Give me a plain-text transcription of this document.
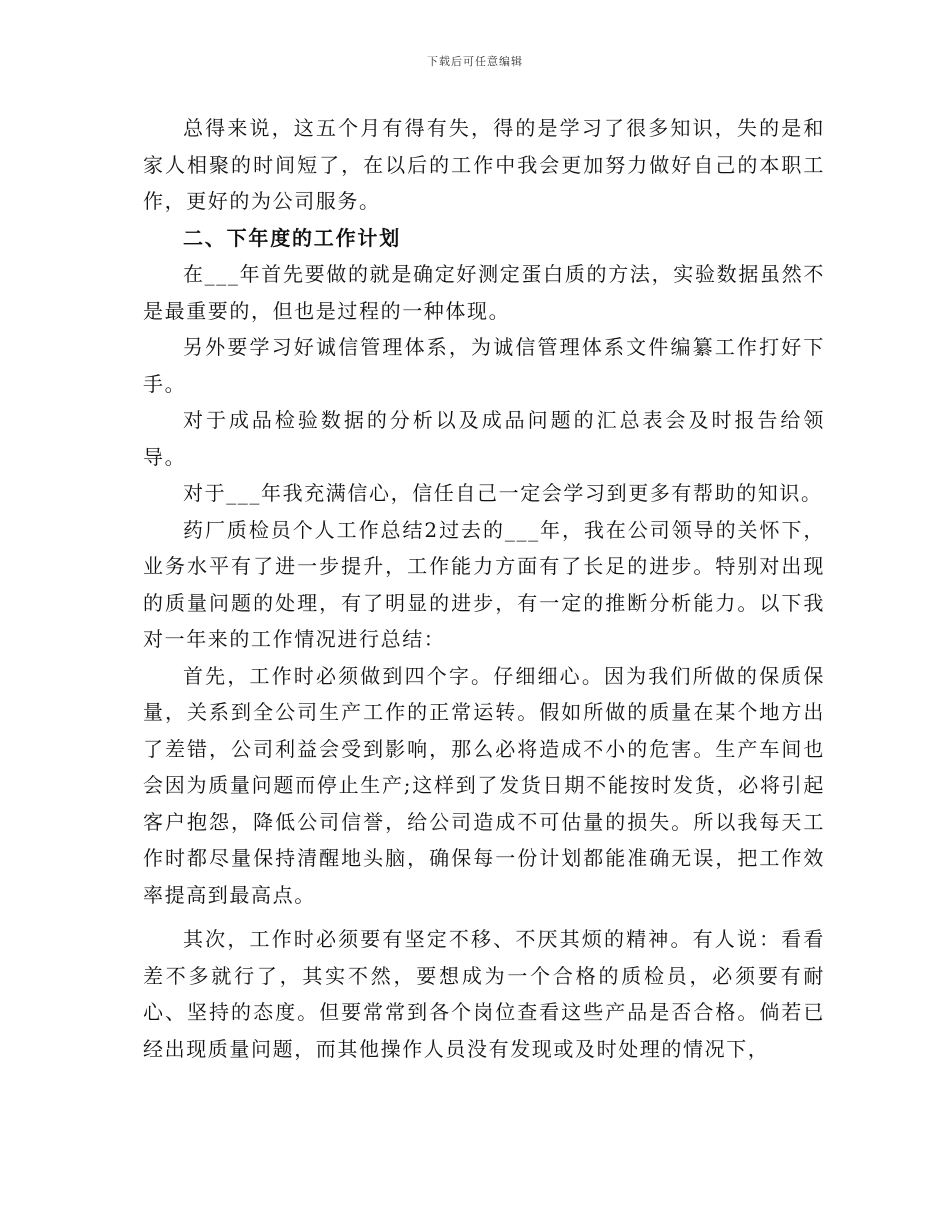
下载后可任意编辑

总得来说，这五个月有得有失，得的是学习了很多知识，失的是和家人相聚的时间短了，在以后的工作中我会更加努力做好自己的本职工作，更好的为公司服务。

二、下年度的工作计划

在___年首先要做的就是确定好测定蛋白质的方法，实验数据虽然不是最重要的，但也是过程的一种体现。

另外要学习好诚信管理体系，为诚信管理体系文件编纂工作打好下手。

对于成品检验数据的分析以及成品问题的汇总表会及时报告给领导。

对于___年我充满信心，信任自己一定会学习到更多有帮助的知识。

药厂质检员个人工作总结2过去的___年，我在公司领导的关怀下，业务水平有了进一步提升，工作能力方面有了长足的进步。特别对出现的质量问题的处理，有了明显的进步，有一定的推断分析能力。以下我对一年来的工作情况进行总结：

首先，工作时必须做到四个字。仔细细心。因为我们所做的保质保量，关系到全公司生产工作的正常运转。假如所做的质量在某个地方出了差错，公司利益会受到影响，那么必将造成不小的危害。生产车间也会因为质量问题而停止生产;这样到了发货日期不能按时发货，必将引起客户抱怨，降低公司信誉，给公司造成不可估量的损失。所以我每天工作时都尽量保持清醒地头脑，确保每一份计划都能准确无误，把工作效率提高到最高点。

其次，工作时必须要有坚定不移、不厌其烦的精神。有人说：看看差不多就行了，其实不然，要想成为一个合格的质检员，必须要有耐心、坚持的态度。但要常常到各个岗位查看这些产品是否合格。倘若已经出现质量问题，而其他操作人员没有发现或及时处理的情况下，
